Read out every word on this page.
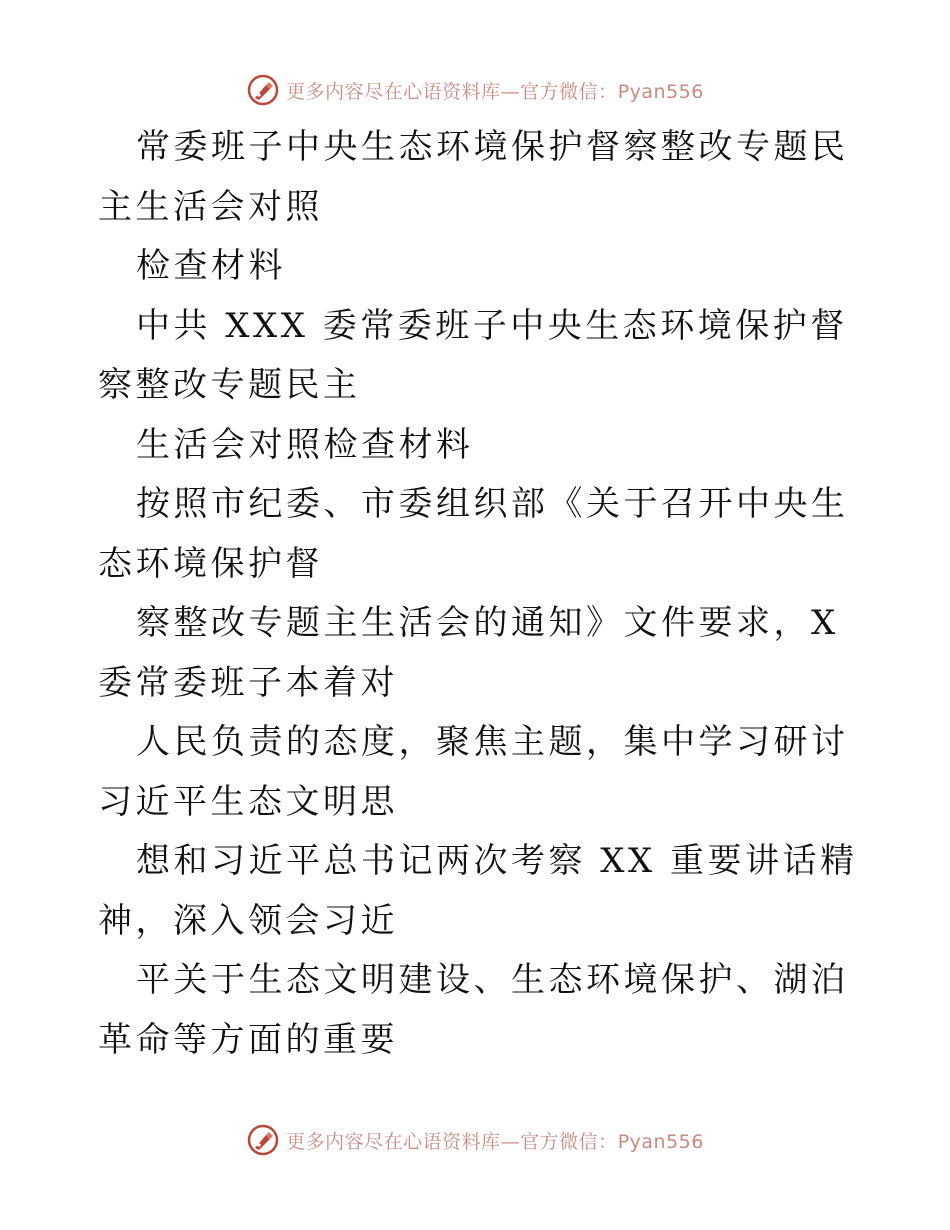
更多内容尽在心语资料库—官方微信：Pyan556

常委班子中央生态环境保护督察整改专题民主生活会对照

检查材料

中共 XXX 委常委班子中央生态环境保护督察整改专题民主

生活会对照检查材料

按照市纪委、市委组织部《关于召开中央生态环境保护督

察整改专题主生活会的通知》文件要求，X委常委班子本着对

人民负责的态度，聚焦主题，集中学习研讨习近平生态文明思

想和习近平总书记两次考察 XX 重要讲话精神，深入领会习近

平关于生态文明建设、生态环境保护、湖泊革命等方面的重要

更多内容尽在心语资料库—官方微信：Pyan556
